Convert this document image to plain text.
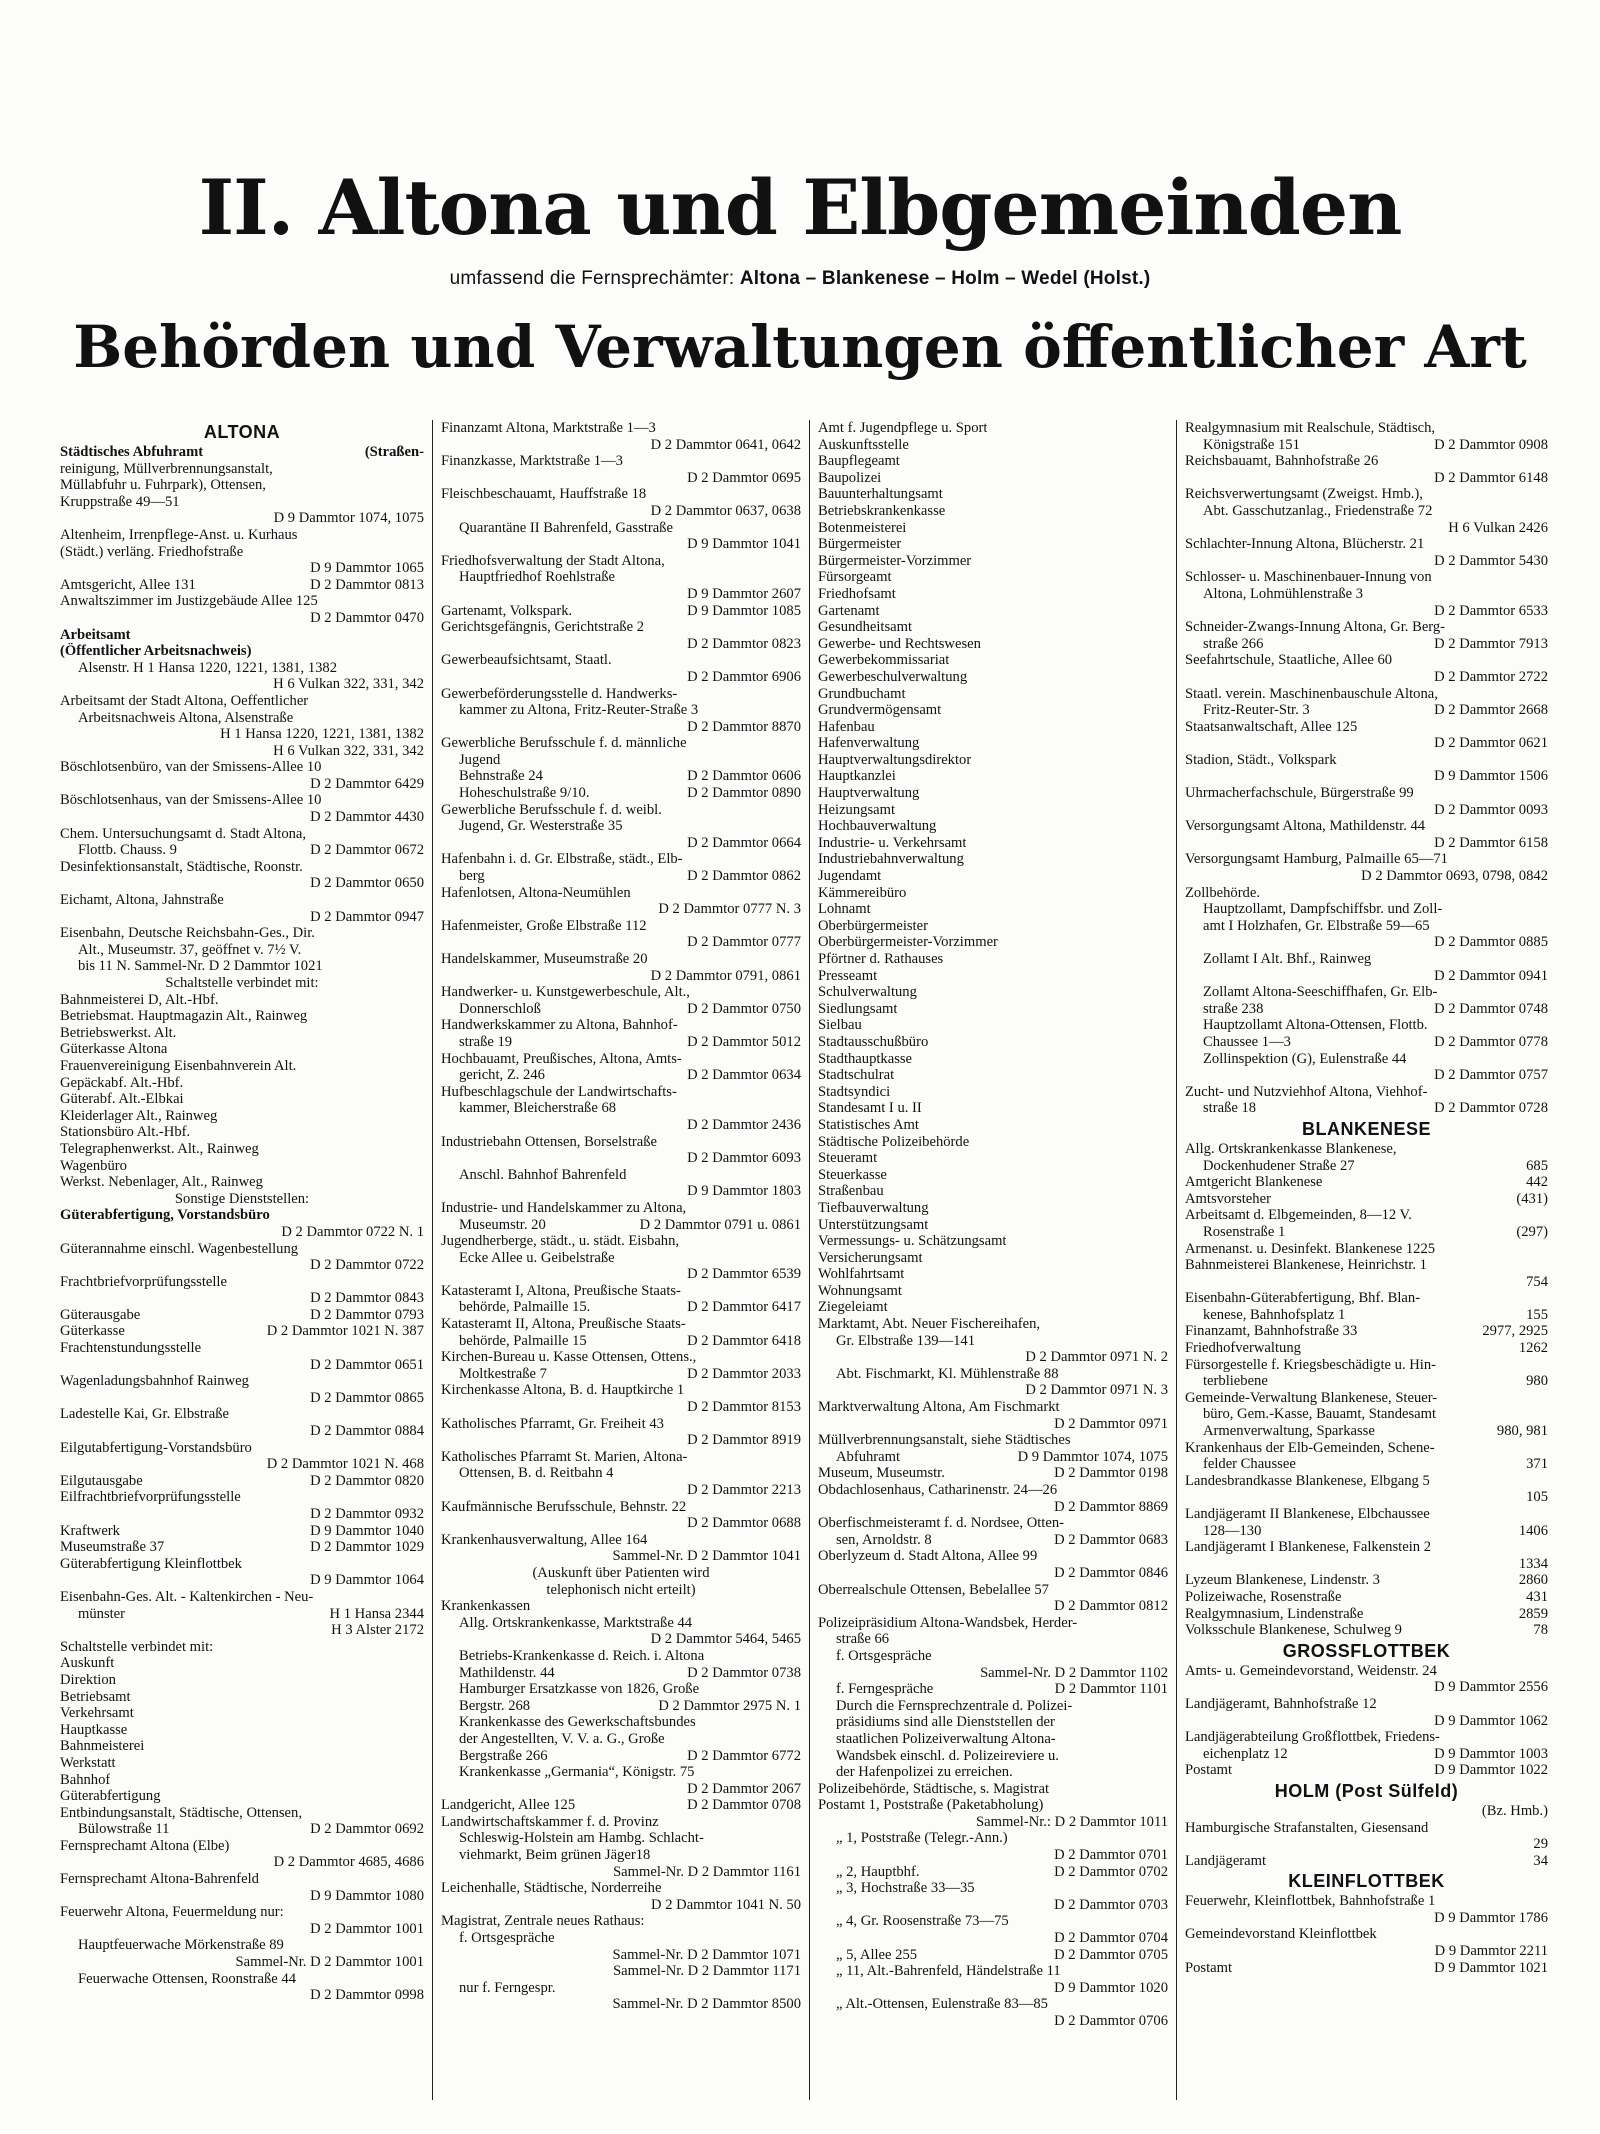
II. Altona und Elbgemeinden
umfassend die Fernsprechämter: Altona – Blankenese – Holm – Wedel (Holst.)
Behörden und Verwaltungen öffentlicher Art
ALTONA
Städtisches Abfuhramt	(Straßen-
reinigung, Müllverbrennungsanstalt,
Müllabfuhr u. Fuhrpark), Ottensen,
Kruppstraße 49—51
D 9 Dammtor 1074, 1075
Altenheim, Irrenpflege-Anst. u. Kurhaus
(Städt.) verläng. Friedhofstraße
D 9 Dammtor 1065
Amtsgericht, Allee 131	D 2 Dammtor 0813
Anwaltszimmer im Justizgebäude Allee 125
D 2 Dammtor 0470
Arbeitsamt
(Öffentlicher Arbeitsnachweis)
Alsenstr. H 1 Hansa 1220, 1221, 1381, 1382
H 6 Vulkan 322, 331, 342
Arbeitsamt der Stadt Altona, Oeffentlicher
Arbeitsnachweis Altona, Alsenstraße
H 1 Hansa 1220, 1221, 1381, 1382
H 6 Vulkan 322, 331, 342
Böschlotsenbüro, van der Smissens-Allee 10
D 2 Dammtor 6429
Böschlotsenhaus, van der Smissens-Allee 10
D 2 Dammtor 4430
Chem. Untersuchungsamt d. Stadt Altona,
Flottb. Chauss. 9	D 2 Dammtor 0672
Desinfektionsanstalt, Städtische, Roonstr.
D 2 Dammtor 0650
Eichamt, Altona, Jahnstraße
D 2 Dammtor 0947
Eisenbahn, Deutsche Reichsbahn-Ges., Dir.
Alt., Museumstr. 37, geöffnet v. 7½ V.
bis 11 N. Sammel-Nr. D 2 Dammtor 1021
Schaltstelle verbindet mit:
Bahnmeisterei D, Alt.-Hbf.
Betriebsmat. Hauptmagazin Alt., Rainweg
Betriebswerkst. Alt.
Güterkasse Altona
Frauenvereinigung Eisenbahnverein Alt.
Gepäckabf. Alt.-Hbf.
Güterabf. Alt.-Elbkai
Kleiderlager Alt., Rainweg
Stationsbüro Alt.-Hbf.
Telegraphenwerkst. Alt., Rainweg
Wagenbüro
Werkst. Nebenlager, Alt., Rainweg
Sonstige Dienststellen:
Güterabfertigung, Vorstandsbüro
D 2 Dammtor 0722 N. 1
Güterannahme einschl. Wagenbestellung
D 2 Dammtor 0722
Frachtbriefvorprüfungsstelle
D 2 Dammtor 0843
Güterausgabe	D 2 Dammtor 0793
Güterkasse	D 2 Dammtor 1021 N. 387
Frachtenstundungsstelle
D 2 Dammtor 0651
Wagenladungsbahnhof Rainweg
D 2 Dammtor 0865
Ladestelle Kai, Gr. Elbstraße
D 2 Dammtor 0884
Eilgutabfertigung-Vorstandsbüro
D 2 Dammtor 1021 N. 468
Eilgutausgabe	D 2 Dammtor 0820
Eilfrachtbriefvorprüfungsstelle
D 2 Dammtor 0932
Kraftwerk	D 9 Dammtor 1040
Museumstraße 37	D 2 Dammtor 1029
Güterabfertigung Kleinflottbek
D 9 Dammtor 1064
Eisenbahn-Ges. Alt. - Kaltenkirchen - Neu-
münster	H 1 Hansa 2344
H 3 Alster 2172
Schaltstelle verbindet mit:
Auskunft
Direktion
Betriebsamt
Verkehrsamt
Hauptkasse
Bahnmeisterei
Werkstatt
Bahnhof
Güterabfertigung
Entbindungsanstalt, Städtische, Ottensen,
Bülowstraße 11	D 2 Dammtor 0692
Fernsprechamt Altona (Elbe)
D 2 Dammtor 4685, 4686
Fernsprechamt Altona-Bahrenfeld
D 9 Dammtor 1080
Feuerwehr Altona, Feuermeldung nur:
D 2 Dammtor 1001
Hauptfeuerwache Mörkenstraße 89
Sammel-Nr. D 2 Dammtor 1001
Feuerwache Ottensen, Roonstraße 44
D 2 Dammtor 0998
Finanzamt Altona, Marktstraße 1—3
D 2 Dammtor 0641, 0642
Finanzkasse, Marktstraße 1—3
D 2 Dammtor 0695
Fleischbeschauamt, Hauffstraße 18
D 2 Dammtor 0637, 0638
Quarantäne II Bahrenfeld, Gasstraße
D 9 Dammtor 1041
Friedhofsverwaltung der Stadt Altona,
Hauptfriedhof Roehlstraße
D 9 Dammtor 2607
Gartenamt, Volkspark.	D 9 Dammtor 1085
Gerichtsgefängnis, Gerichtstraße 2
D 2 Dammtor 0823
Gewerbeaufsichtsamt, Staatl.
D 2 Dammtor 6906
Gewerbeförderungsstelle d. Handwerks-
kammer zu Altona, Fritz-Reuter-Straße 3
D 2 Dammtor 8870
Gewerbliche Berufsschule f. d. männliche
Jugend
Behnstraße 24	D 2 Dammtor 0606
Hoheschulstraße 9/10.	D 2 Dammtor 0890
Gewerbliche Berufsschule f. d. weibl.
Jugend, Gr. Westerstraße 35
D 2 Dammtor 0664
Hafenbahn i. d. Gr. Elbstraße, städt., Elb-
berg	D 2 Dammtor 0862
Hafenlotsen, Altona-Neumühlen
D 2 Dammtor 0777 N. 3
Hafenmeister, Große Elbstraße 112
D 2 Dammtor 0777
Handelskammer, Museumstraße 20
D 2 Dammtor 0791, 0861
Handwerker- u. Kunstgewerbeschule, Alt.,
Donnerschloß	D 2 Dammtor 0750
Handwerkskammer zu Altona, Bahnhof-
straße 19	D 2 Dammtor 5012
Hochbauamt, Preußisches, Altona, Amts-
gericht, Z. 246	D 2 Dammtor 0634
Hufbeschlagschule der Landwirtschafts-
kammer, Bleicherstraße 68
D 2 Dammtor 2436
Industriebahn Ottensen, Borselstraße
D 2 Dammtor 6093
Anschl. Bahnhof Bahrenfeld
D 9 Dammtor 1803
Industrie- und Handelskammer zu Altona,
Museumstr. 20	D 2 Dammtor 0791 u. 0861
Jugendherberge, städt., u. städt. Eisbahn,
Ecke Allee u. Geibelstraße
D 2 Dammtor 6539
Katasteramt I, Altona, Preußische Staats-
behörde, Palmaille 15.	D 2 Dammtor 6417
Katasteramt II, Altona, Preußische Staats-
behörde, Palmaille 15	D 2 Dammtor 6418
Kirchen-Bureau u. Kasse Ottensen, Ottens.,
Moltkestraße 7	D 2 Dammtor 2033
Kirchenkasse Altona, B. d. Hauptkirche 1
D 2 Dammtor 8153
Katholisches Pfarramt, Gr. Freiheit 43
D 2 Dammtor 8919
Katholisches Pfarramt St. Marien, Altona-
Ottensen, B. d. Reitbahn 4
D 2 Dammtor 2213
Kaufmännische Berufsschule, Behnstr. 22
D 2 Dammtor 0688
Krankenhausverwaltung, Allee 164
Sammel-Nr. D 2 Dammtor 1041
(Auskunft über Patienten wird
telephonisch nicht erteilt)
Krankenkassen
Allg. Ortskrankenkasse, Marktstraße 44
D 2 Dammtor 5464, 5465
Betriebs-Krankenkasse d. Reich. i. Altona
Mathildenstr. 44	D 2 Dammtor 0738
Hamburger Ersatzkasse von 1826, Große
Bergstr. 268	D 2 Dammtor 2975 N. 1
Krankenkasse des Gewerkschaftsbundes
der Angestellten, V. V. a. G., Große
Bergstraße 266	D 2 Dammtor 6772
Krankenkasse „Germania“, Königstr. 75
D 2 Dammtor 2067
Landgericht, Allee 125	D 2 Dammtor 0708
Landwirtschaftskammer f. d. Provinz
Schleswig-Holstein am Hambg. Schlacht-
viehmarkt, Beim grünen Jäger18
Sammel-Nr. D 2 Dammtor 1161
Leichenhalle, Städtische, Norderreihe
D 2 Dammtor 1041 N. 50
Magistrat, Zentrale neues Rathaus:
f. Ortsgespräche
Sammel-Nr. D 2 Dammtor 1071
Sammel-Nr. D 2 Dammtor 1171
nur f. Ferngespr.
Sammel-Nr. D 2 Dammtor 8500
Amt f. Jugendpflege u. Sport
Auskunftsstelle
Baupflegeamt
Baupolizei
Bauunterhaltungsamt
Betriebskrankenkasse
Botenmeisterei
Bürgermeister
Bürgermeister-Vorzimmer
Fürsorgeamt
Friedhofsamt
Gartenamt
Gesundheitsamt
Gewerbe- und Rechtswesen
Gewerbekommissariat
Gewerbeschulverwaltung
Grundbuchamt
Grundvermögensamt
Hafenbau
Hafenverwaltung
Hauptverwaltungsdirektor
Hauptkanzlei
Hauptverwaltung
Heizungsamt
Hochbauverwaltung
Industrie- u. Verkehrsamt
Industriebahnverwaltung
Jugendamt
Kämmereibüro
Lohnamt
Oberbürgermeister
Oberbürgermeister-Vorzimmer
Pförtner d. Rathauses
Presseamt
Schulverwaltung
Siedlungsamt
Sielbau
Stadtausschußbüro
Stadthauptkasse
Stadtschulrat
Stadtsyndici
Standesamt I u. II
Statistisches Amt
Städtische Polizeibehörde
Steueramt
Steuerkasse
Straßenbau
Tiefbauverwaltung
Unterstützungsamt
Vermessungs- u. Schätzungsamt
Versicherungsamt
Wohlfahrtsamt
Wohnungsamt
Ziegeleiamt
Marktamt, Abt. Neuer Fischereihafen,
Gr. Elbstraße 139—141
D 2 Dammtor 0971 N. 2
Abt. Fischmarkt, Kl. Mühlenstraße 88
D 2 Dammtor 0971 N. 3
Marktverwaltung Altona, Am Fischmarkt
D 2 Dammtor 0971
Müllverbrennungsanstalt, siehe Städtisches
Abfuhramt	D 9 Dammtor 1074, 1075
Museum, Museumstr.	D 2 Dammtor 0198
Obdachlosenhaus, Catharinenstr. 24—26
D 2 Dammtor 8869
Oberfischmeisteramt f. d. Nordsee, Otten-
sen, Arnoldstr. 8	D 2 Dammtor 0683
Oberlyzeum d. Stadt Altona, Allee 99
D 2 Dammtor 0846
Oberrealschule Ottensen, Bebelallee 57
D 2 Dammtor 0812
Polizeipräsidium Altona-Wandsbek, Herder-
straße 66
f. Ortsgespräche
Sammel-Nr. D 2 Dammtor 1102
f. Ferngespräche	D 2 Dammtor 1101
Durch die Fernsprechzentrale d. Polizei-
präsidiums sind alle Dienststellen der
staatlichen Polizeiverwaltung Altona-
Wandsbek einschl. d. Polizeireviere u.
der Hafenpolizei zu erreichen.
Polizeibehörde, Städtische, s. Magistrat
Postamt 1, Poststraße (Paketabholung)
Sammel-Nr.: D 2 Dammtor 1011
„ 1, Poststraße (Telegr.-Ann.)
D 2 Dammtor 0701
„ 2, Hauptbhf.	D 2 Dammtor 0702
„ 3, Hochstraße 33—35
D 2 Dammtor 0703
„ 4, Gr. Roosenstraße 73—75
D 2 Dammtor 0704
„ 5, Allee 255	D 2 Dammtor 0705
„ 11, Alt.-Bahrenfeld, Händelstraße 11
D 9 Dammtor 1020
„ Alt.-Ottensen, Eulenstraße 83—85
D 2 Dammtor 0706
Realgymnasium mit Realschule, Städtisch,
Königstraße 151	D 2 Dammtor 0908
Reichsbauamt, Bahnhofstraße 26
D 2 Dammtor 6148
Reichsverwertungsamt (Zweigst. Hmb.),
Abt. Gasschutzanlag., Friedenstraße 72
H 6 Vulkan 2426
Schlachter-Innung Altona, Blücherstr. 21
D 2 Dammtor 5430
Schlosser- u. Maschinenbauer-Innung von
Altona, Lohmühlenstraße 3
D 2 Dammtor 6533
Schneider-Zwangs-Innung Altona, Gr. Berg-
straße 266	D 2 Dammtor 7913
Seefahrtschule, Staatliche, Allee 60
D 2 Dammtor 2722
Staatl. verein. Maschinenbauschule Altona,
Fritz-Reuter-Str. 3	D 2 Dammtor 2668
Staatsanwaltschaft, Allee 125
D 2 Dammtor 0621
Stadion, Städt., Volkspark
D 9 Dammtor 1506
Uhrmacherfachschule, Bürgerstraße 99
D 2 Dammtor 0093
Versorgungsamt Altona, Mathildenstr. 44
D 2 Dammtor 6158
Versorgungsamt Hamburg, Palmaille 65—71
D 2 Dammtor 0693, 0798, 0842
Zollbehörde.
Hauptzollamt, Dampfschiffsbr. und Zoll-
amt I Holzhafen, Gr. Elbstraße 59—65
D 2 Dammtor 0885
Zollamt I Alt. Bhf., Rainweg
D 2 Dammtor 0941
Zollamt Altona-Seeschiffhafen, Gr. Elb-
straße 238	D 2 Dammtor 0748
Hauptzollamt Altona-Ottensen, Flottb.
Chaussee 1—3	D 2 Dammtor 0778
Zollinspektion (G), Eulenstraße 44
D 2 Dammtor 0757
Zucht- und Nutzviehhof Altona, Viehhof-
straße 18	D 2 Dammtor 0728
BLANKENESE
Allg. Ortskrankenkasse Blankenese,
Dockenhudener Straße 27	685
Amtgericht Blankenese	442
Amtsvorsteher	(431)
Arbeitsamt d. Elbgemeinden, 8—12 V.
Rosenstraße 1	(297)
Armenanst. u. Desinfekt. Blankenese 1225
Bahnmeisterei Blankenese, Heinrichstr. 1
754
Eisenbahn-Güterabfertigung, Bhf. Blan-
kenese, Bahnhofsplatz 1	155
Finanzamt, Bahnhofstraße 33	2977, 2925
Friedhofverwaltung	1262
Fürsorgestelle f. Kriegsbeschädigte u. Hin-
terbliebene	980
Gemeinde-Verwaltung Blankenese, Steuer-
büro, Gem.-Kasse, Bauamt, Standesamt
Armenverwaltung, Sparkasse	980, 981
Krankenhaus der Elb-Gemeinden, Schene-
felder Chaussee	371
Landesbrandkasse Blankenese, Elbgang 5
105
Landjägeramt II Blankenese, Elbchaussee
128—130	1406
Landjägeramt I Blankenese, Falkenstein 2
1334
Lyzeum Blankenese, Lindenstr. 3	2860
Polizeiwache, Rosenstraße	431
Realgymnasium, Lindenstraße	2859
Volksschule Blankenese, Schulweg 9	78
GROSSFLOTTBEK
Amts- u. Gemeindevorstand, Weidenstr. 24
D 9 Dammtor 2556
Landjägeramt, Bahnhofstraße 12
D 9 Dammtor 1062
Landjägerabteilung Großflottbek, Friedens-
eichenplatz 12	D 9 Dammtor 1003
Postamt	D 9 Dammtor 1022
HOLM (Post Sülfeld)
(Bz. Hmb.)
Hamburgische Strafanstalten, Giesensand
29
Landjägeramt	34
KLEINFLOTTBEK
Feuerwehr, Kleinflottbek, Bahnhofstraße 1
D 9 Dammtor 1786
Gemeindevorstand Kleinflottbek
D 9 Dammtor 2211
Postamt	D 9 Dammtor 1021
